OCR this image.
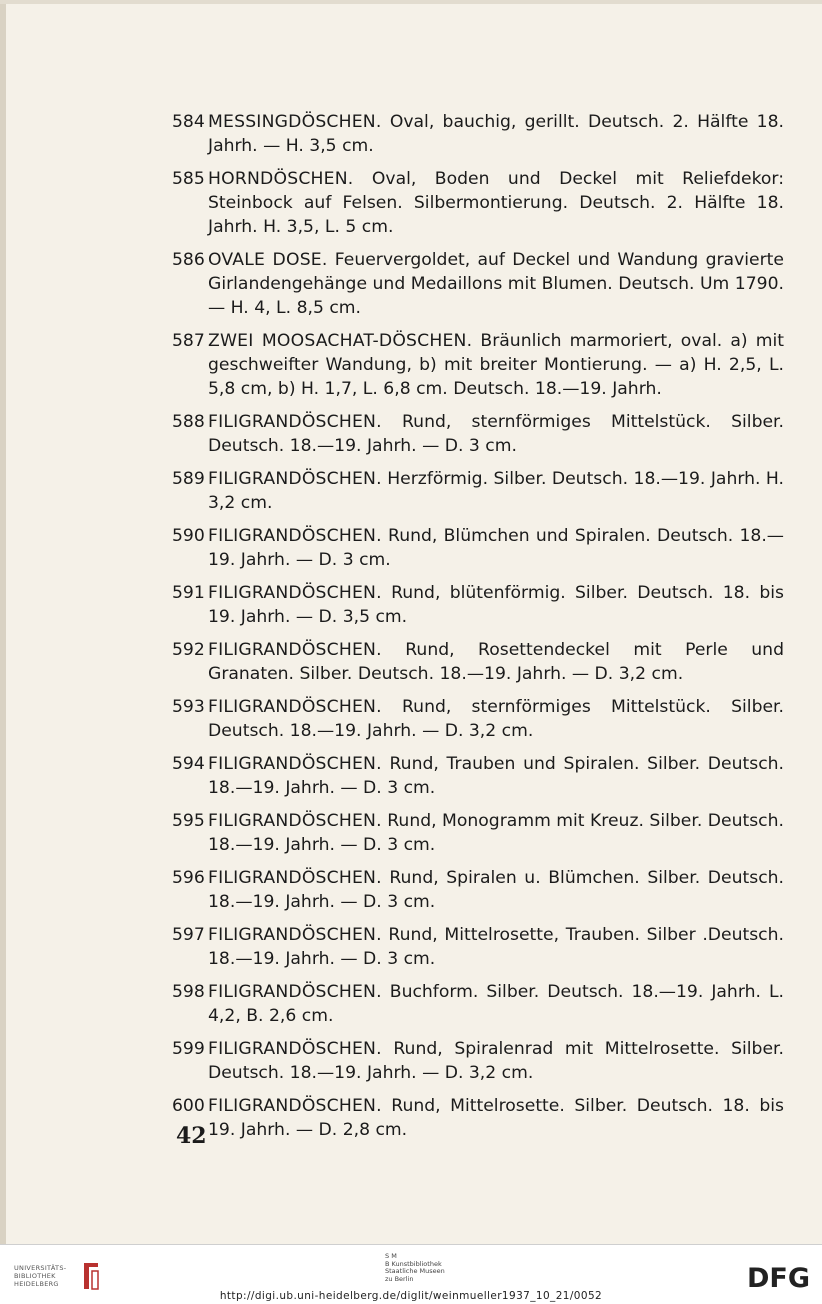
584 MESSINGDÖSCHEN. Oval, bauchig, gerillt. Deutsch. 2. Hälfte 18. Jahrh. — H. 3,5 cm.
585 HORNDÖSCHEN. Oval, Boden und Deckel mit Reliefdekor: Steinbock auf Felsen. Silbermontierung. Deutsch. 2. Hälfte 18. Jahrh. H. 3,5, L. 5 cm.
586 OVALE DOSE. Feuervergoldet, auf Deckel und Wandung gravierte Girlandengehänge und Medaillons mit Blumen. Deutsch. Um 1790. — H. 4, L. 8,5 cm.
587 ZWEI MOOSACHAT-DÖSCHEN. Bräunlich marmoriert, oval. a) mit geschweifter Wandung, b) mit breiter Montierung. — a) H. 2,5, L. 5,8 cm, b) H. 1,7, L. 6,8 cm. Deutsch. 18.—19. Jahrh.
588 FILIGRANDÖSCHEN. Rund, sternförmiges Mittelstück. Silber. Deutsch. 18.—19. Jahrh. — D. 3 cm.
589 FILIGRANDÖSCHEN. Herzförmig. Silber. Deutsch. 18.—19. Jahrh. H. 3,2 cm.
590 FILIGRANDÖSCHEN. Rund, Blümchen und Spiralen. Deutsch. 18.—19. Jahrh. — D. 3 cm.
591 FILIGRANDÖSCHEN. Rund, blütenförmig. Silber. Deutsch. 18. bis 19. Jahrh. — D. 3,5 cm.
592 FILIGRANDÖSCHEN. Rund, Rosettendeckel mit Perle und Granaten. Silber. Deutsch. 18.—19. Jahrh. — D. 3,2 cm.
593 FILIGRANDÖSCHEN. Rund, sternförmiges Mittelstück. Silber. Deutsch. 18.—19. Jahrh. — D. 3,2 cm.
594 FILIGRANDÖSCHEN. Rund, Trauben und Spiralen. Silber. Deutsch. 18.—19. Jahrh. — D. 3 cm.
595 FILIGRANDÖSCHEN. Rund, Monogramm mit Kreuz. Silber. Deutsch. 18.—19. Jahrh. — D. 3 cm.
596 FILIGRANDÖSCHEN. Rund, Spiralen u. Blümchen. Silber. Deutsch. 18.—19. Jahrh. — D. 3 cm.
597 FILIGRANDÖSCHEN. Rund, Mittelrosette, Trauben. Silber .Deutsch. 18.—19. Jahrh. — D. 3 cm.
598 FILIGRANDÖSCHEN. Buchform. Silber. Deutsch. 18.—19. Jahrh. L. 4,2, B. 2,6 cm.
599 FILIGRANDÖSCHEN. Rund, Spiralenrad mit Mittelrosette. Silber. Deutsch. 18.—19. Jahrh. — D. 3,2 cm.
600 FILIGRANDÖSCHEN. Rund, Mittelrosette. Silber. Deutsch. 18. bis 19. Jahrh. — D. 2,8 cm.
42
UNIVERSITÄTS-
BIBLIOTHEK
HEIDELBERG
S M
B Kunstbibliothek
Staatliche Museen
zu Berlin
http://digi.ub.uni-heidelberg.de/diglit/weinmueller1937_10_21/0052
DFG
